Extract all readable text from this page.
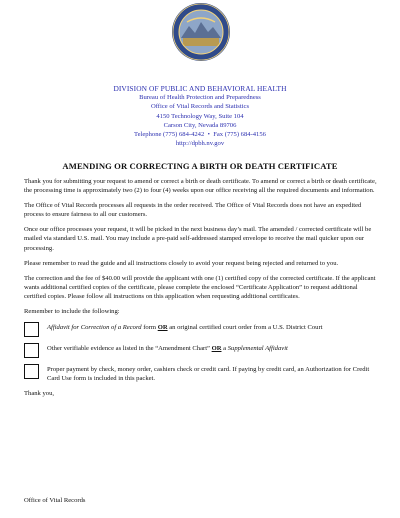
DIVISION OF PUBLIC AND BEHAVIORAL HEALTH
Bureau of Health Protection and Preparedness
Office of Vital Records and Statistics
4150 Technology Way, Suite 104
Carson City, Nevada 89706
Telephone (775) 684-4242  •  Fax (775) 684-4156
http://dpbh.nv.gov
AMENDING OR CORRECTING A BIRTH OR DEATH CERTIFICATE

Thank you for submitting your request to amend or correct a birth or death certificate. To amend or correct a birth or death certificate, the processing time is approximately two (2) to four (4) weeks upon our office receiving all the required documents and information.

The Office of Vital Records processes all requests in the order received. The Office of Vital Records does not have an expedited process to ensure fairness to all our customers.

Once our office processes your request, it will be picked in the next business day’s mail. The amended / corrected certificate will be mailed via standard U.S. mail. You may include a pre-paid self-addressed stamped envelope to receive the mail quicker upon our processing.

Please remember to read the guide and all instructions closely to avoid your request being rejected and returned to you.

The correction and the fee of $40.00 will provide the applicant with one (1) certified copy of the corrected certificate. If the applicant wants additional certified copies of the certificate, please complete the enclosed “Certificate Application” to request additional certified copies. Please follow all instructions on this application when requesting additional certificates.

Remember to include the following:

Affidavit for Correction of a Record form OR an original certified court order from a U.S. District Court
Other verifiable evidence as listed in the “Amendment Chart” OR a Supplemental Affidavit
Proper payment by check, money order, cashiers check or credit card. If paying by credit card, an Authorization for Credit Card Use form is included in this packet.

Thank you,

Office of Vital Records
